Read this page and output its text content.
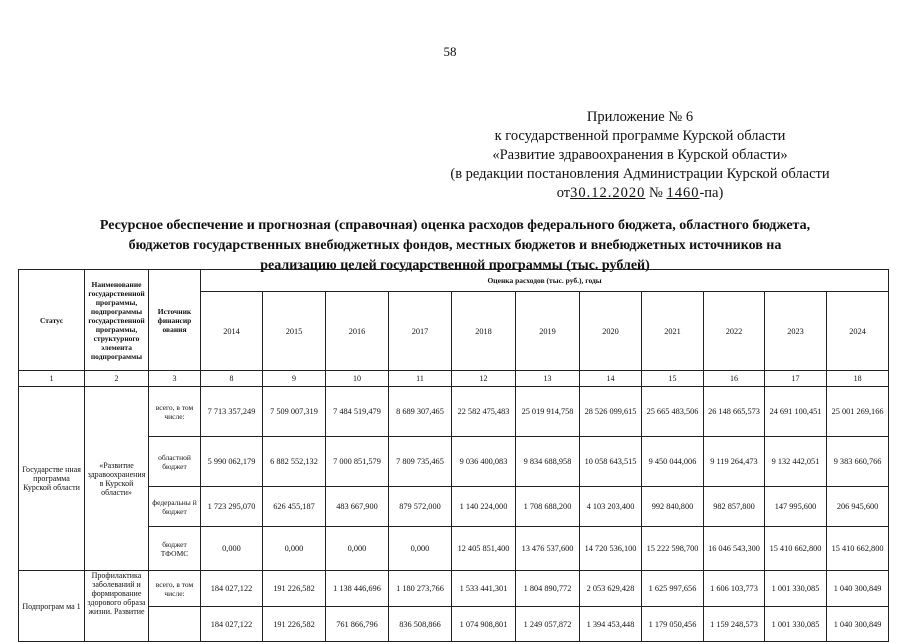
58
Приложение № 6
к государственной программе Курской области
«Развитие здравоохранения в Курской области»
(в редакции постановления Администрации Курской области
от30.12.2020 № 1460-па)
Ресурсное обеспечение и прогнозная (справочная) оценка расходов федерального бюджета, областного бюджета,
бюджетов государственных внебюджетных фондов, местных бюджетов и внебюджетных источников на
реализацию целей государственной программы (тыс. рублей)
Статус	Наименование государственной программы, подпрограммы государственной программы, структурного элемента подпрограммы	Источник финансир ования	Оценка расходов (тыс. руб.), годы										
			2014	2015	2016	2017	2018	2019	2020	2021	2022	2023	2024
1	2	3	8	9	10	11	12	13	14	15	16	17	18
Государстве нная программа Курской области	«Развитие здравоохранения в Курской области»	всего, в том числе:	7 713 357,249	7 509 007,319	7 484 519,479	8 689 307,465	22 582 475,483	25 019 914,758	28 526 099,615	25 665 483,506	26 148 665,573	24 691 100,451	25 001 269,166
		областной бюджет	5 990 062,179	6 882 552,132	7 000 851,579	7 809 735,465	9 036 400,083	9 834 688,958	10 058 643,515	9 450 044,006	9 119 264,473	9 132 442,051	9 383 660,766
		федеральны й бюджет	1 723 295,070	626 455,187	483 667,900	879 572,000	1 140 224,000	1 708 688,200	4 103 203,400	992 840,800	982 857,800	147 995,600	206 945,600
		бюджет ТФОМС	0,000	0,000	0,000	0,000	12 405 851,400	13 476 537,600	14 720 536,100	15 222 598,700	16 046 543,300	15 410 662,800	15 410 662,800
Подпрограм ма 1	Профилактика заболеваний и формирование здорового образа жизни. Развитие	всего, в том числе:	184 027,122	191 226,582	1 138 446,696	1 180 273,766	1 533 441,301	1 804 890,772	2 053 629,428	1 625 997,656	1 606 103,773	1 001 330,085	1 040 300,849
			184 027,122	191 226,582	761 866,796	836 508,866	1 074 908,801	1 249 057,872	1 394 453,448	1 179 050,456	1 159 248,573	1 001 330,085	1 040 300,849
